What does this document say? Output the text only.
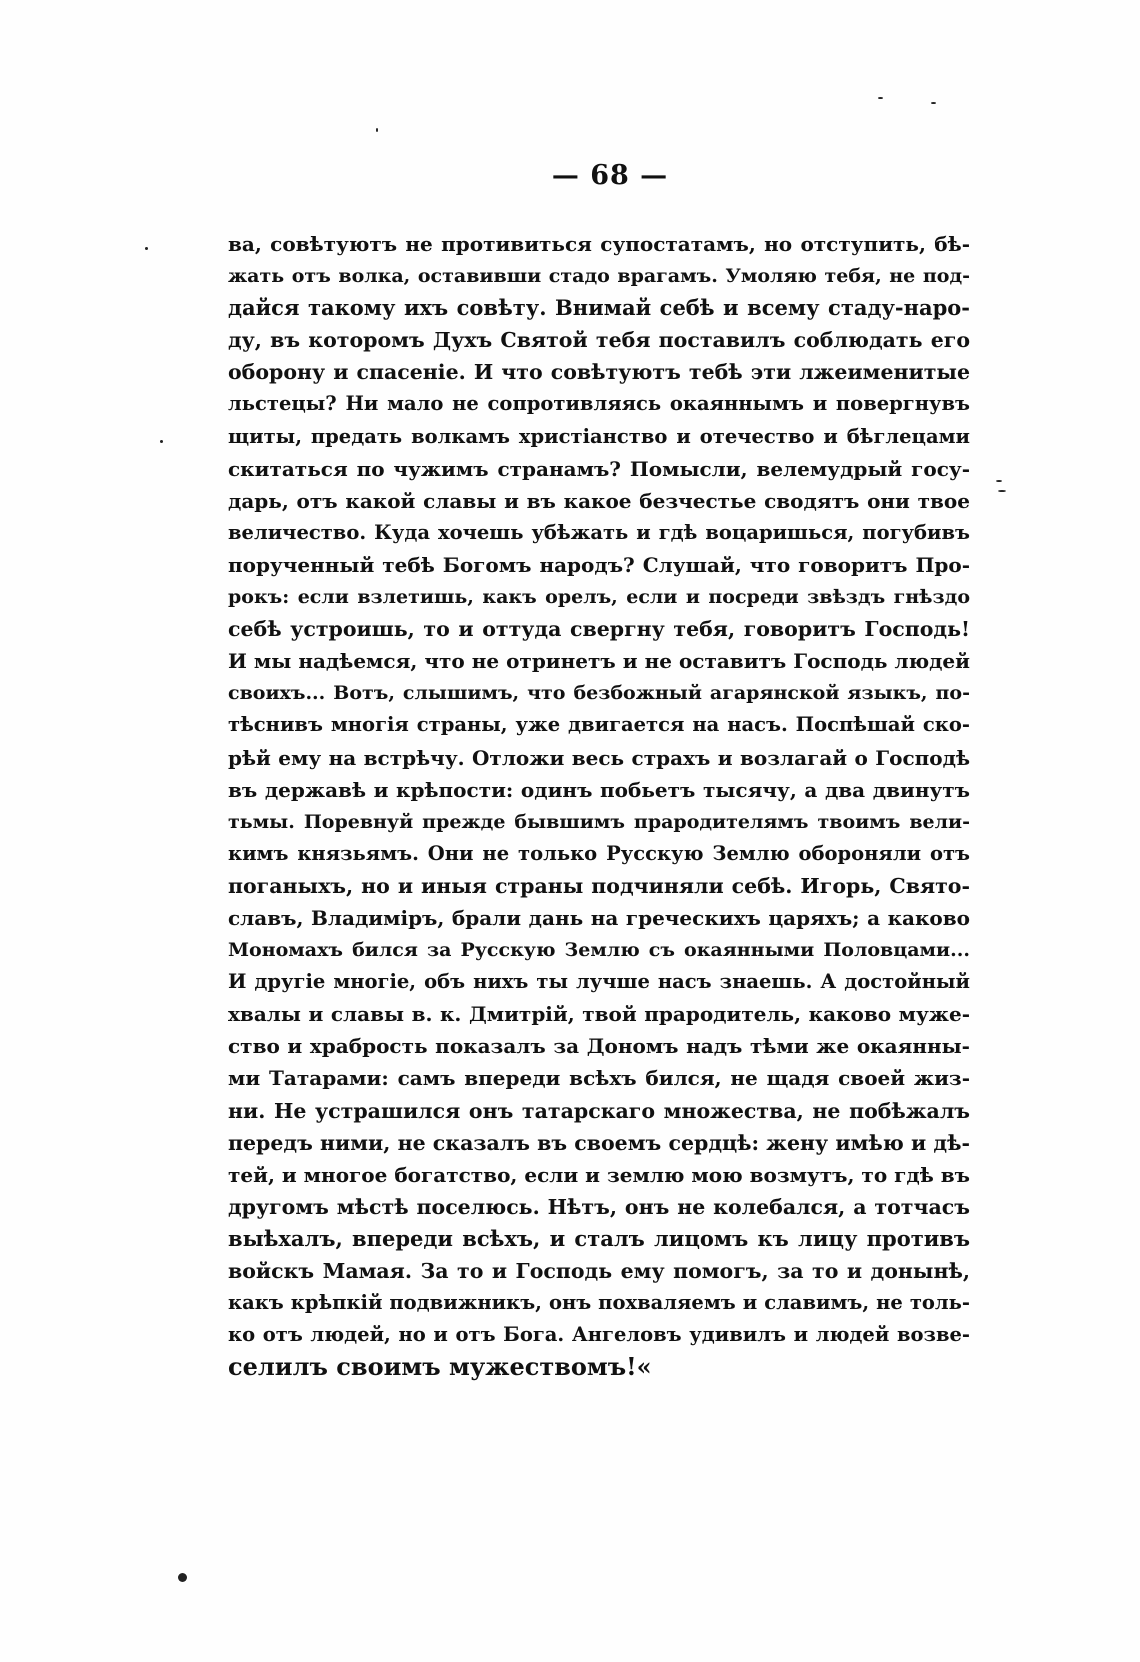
— 68 —
ва, совѣтуютъ не противиться супостатамъ, но отступить, бѣ-
жать отъ волка, оставивши стадо врагамъ. Умоляю тебя, не под-
дайся такому ихъ совѣту. Внимай себѣ и всему стаду-наро-
ду, въ которомъ Духъ Святой тебя поставилъ соблюдать его
оборону и спасеніе. И что совѣтуютъ тебѣ эти лжеименитые
льстецы? Ни мало не сопротивляясь окаяннымъ и повергнувъ
щиты, предать волкамъ христіанство и отечество и бѣглецами
скитаться по чужимъ странамъ? Помысли, велемудрый госу-
дарь, отъ какой славы и въ какое безчестье сводятъ они твое
величество. Куда хочешь убѣжать и гдѣ воцаришься, погубивъ
порученный тебѣ Богомъ народъ? Слушай, что говоритъ Про-
рокъ: если взлетишь, какъ орелъ, если и посреди звѣздъ гнѣздо
себѣ устроишь, то и оттуда свергну тебя, говоритъ Господь!
И мы надѣемся, что не отринетъ и не оставитъ Господь людей
своихъ... Вотъ, слышимъ, что безбожный агарянской языкъ, по-
тѣснивъ многія страны, уже двигается на насъ. Поспѣшай ско-
рѣй ему на встрѣчу. Отложи весь страхъ и возлагай о Господѣ
въ державѣ и крѣпости: одинъ побьетъ тысячу, а два двинутъ
тьмы. Поревнуй прежде бывшимъ прародителямъ твоимъ вели-
кимъ князьямъ. Они не только Русскую Землю обороняли отъ
поганыхъ, но и иныя страны подчиняли себѣ. Игорь, Свято-
славъ, Владиміръ, брали дань на греческихъ царяхъ; а каково
Мономахъ бился за Русскую Землю съ окаянными Половцами...
И другіе многіе, объ нихъ ты лучше насъ знаешь. А достойный
хвалы и славы в. к. Дмитрій, твой прародитель, каково муже-
ство и храбрость показалъ за Дономъ надъ тѣми же окаянны-
ми Татарами: самъ впереди всѣхъ бился, не щадя своей жиз-
ни. Не устрашился онъ татарскаго множества, не побѣжалъ
передъ ними, не сказалъ въ своемъ сердцѣ: жену имѣю и дѣ-
тей, и многое богатство, если и землю мою возмутъ, то гдѣ въ
другомъ мѣстѣ поселюсь. Нѣтъ, онъ не колебался, а тотчасъ
выѣхалъ, впереди всѣхъ, и сталъ лицомъ къ лицу противъ
войскъ Мамая. За то и Господь ему помогъ, за то и донынѣ,
какъ крѣпкій подвижникъ, онъ похваляемъ и славимъ, не толь-
ко отъ людей, но и отъ Бога. Ангеловъ удивилъ и людей возве-
селилъ своимъ мужествомъ!«
